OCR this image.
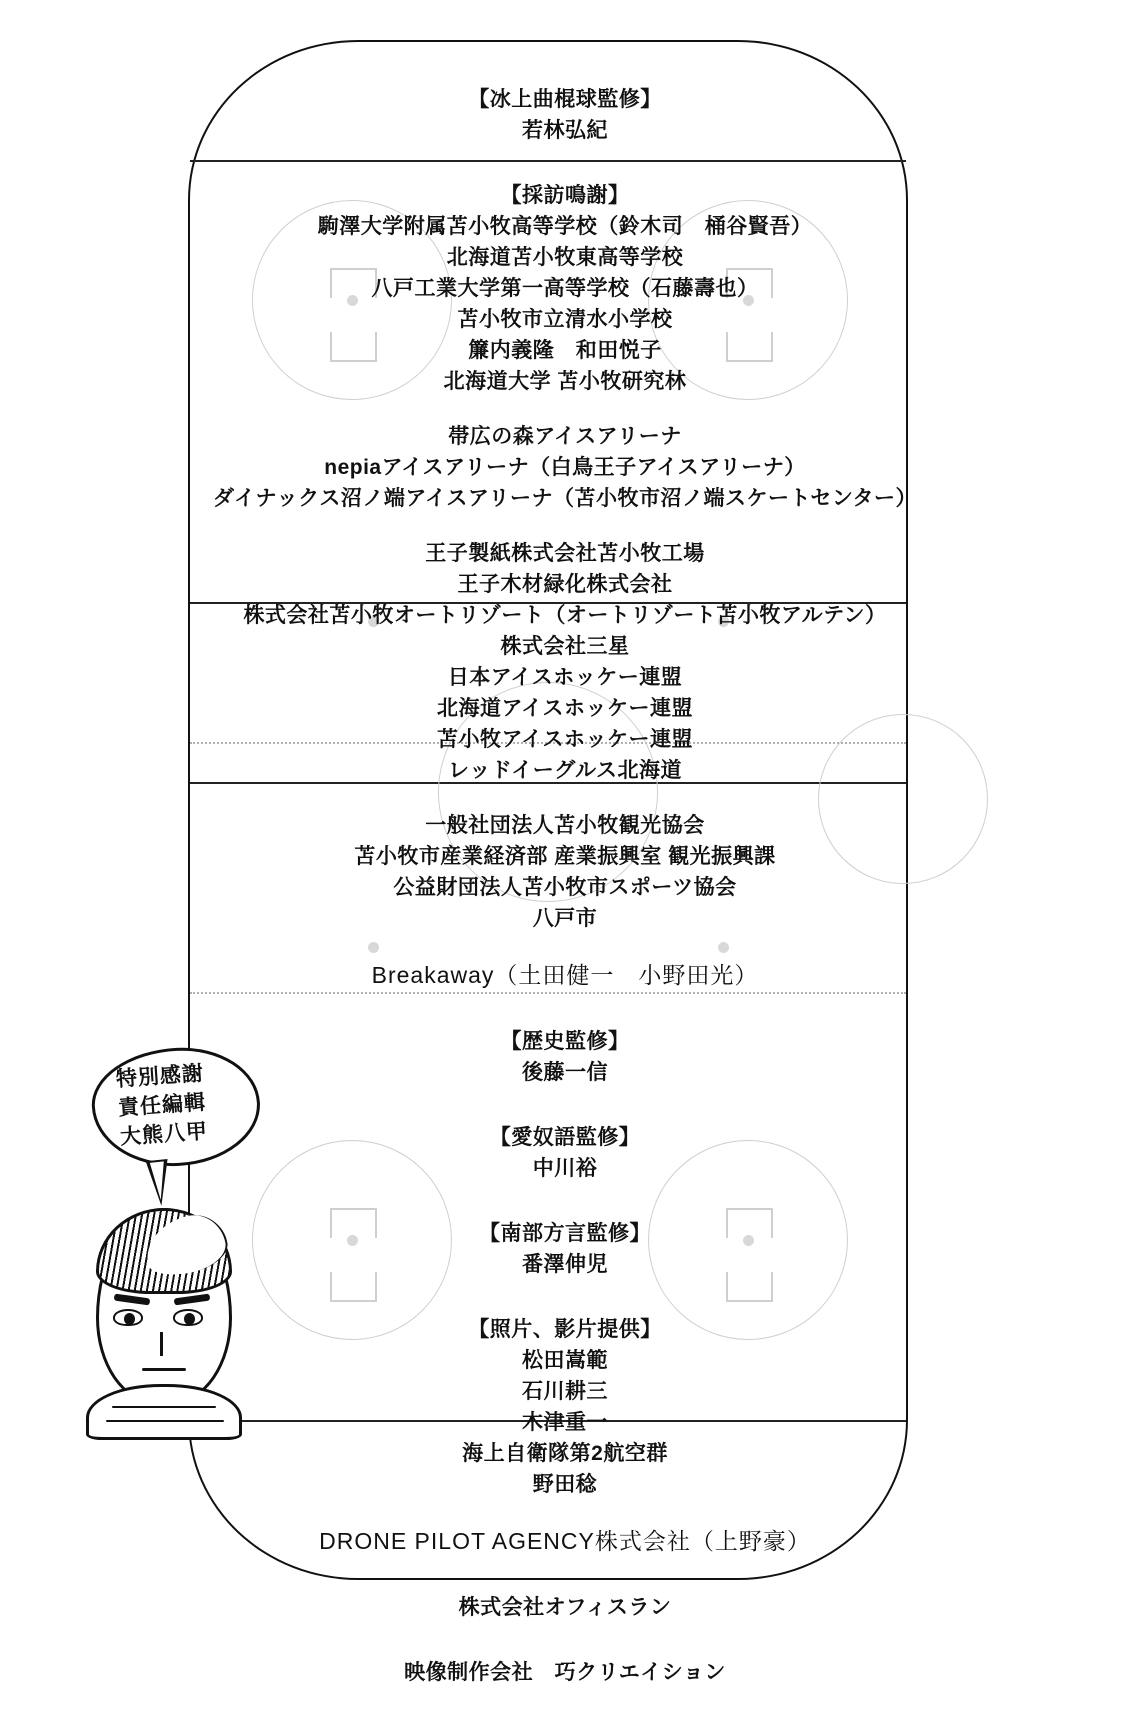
【冰上曲棍球監修】
若林弘紀
【採訪鳴謝】
駒澤大学附属苫小牧高等学校（鈴木司　桶谷賢吾）
北海道苫小牧東高等学校
八戸工業大学第一高等学校（石藤壽也）
苫小牧市立清水小学校
簾内義隆　和田悦子
北海道大学 苫小牧研究林
帯広の森アイスアリーナ
nepiaアイスアリーナ（白鳥王子アイスアリーナ）
ダイナックス沼ノ端アイスアリーナ（苫小牧市沼ノ端スケートセンター）
王子製紙株式会社苫小牧工場
王子木材緑化株式会社
株式会社苫小牧オートリゾート（オートリゾート苫小牧アルテン）
株式会社三星
日本アイスホッケー連盟
北海道アイスホッケー連盟
苫小牧アイスホッケー連盟
レッドイーグルス北海道
一般社団法人苫小牧観光協会
苫小牧市産業経済部 産業振興室 観光振興課
公益財団法人苫小牧市スポーツ協会
八戸市
Breakaway（土田健一　小野田光）
【歴史監修】
後藤一信
【愛奴語監修】
中川裕
【南部方言監修】
番澤伸児
【照片、影片提供】
松田嵩範
石川耕三
木津重一
海上自衛隊第2航空群
野田稔
DRONE PILOT AGENCY株式会社（上野豪）
株式会社オフィスラン
映像制作会社　巧クリエイション
特別感謝
責任編輯
大熊八甲
